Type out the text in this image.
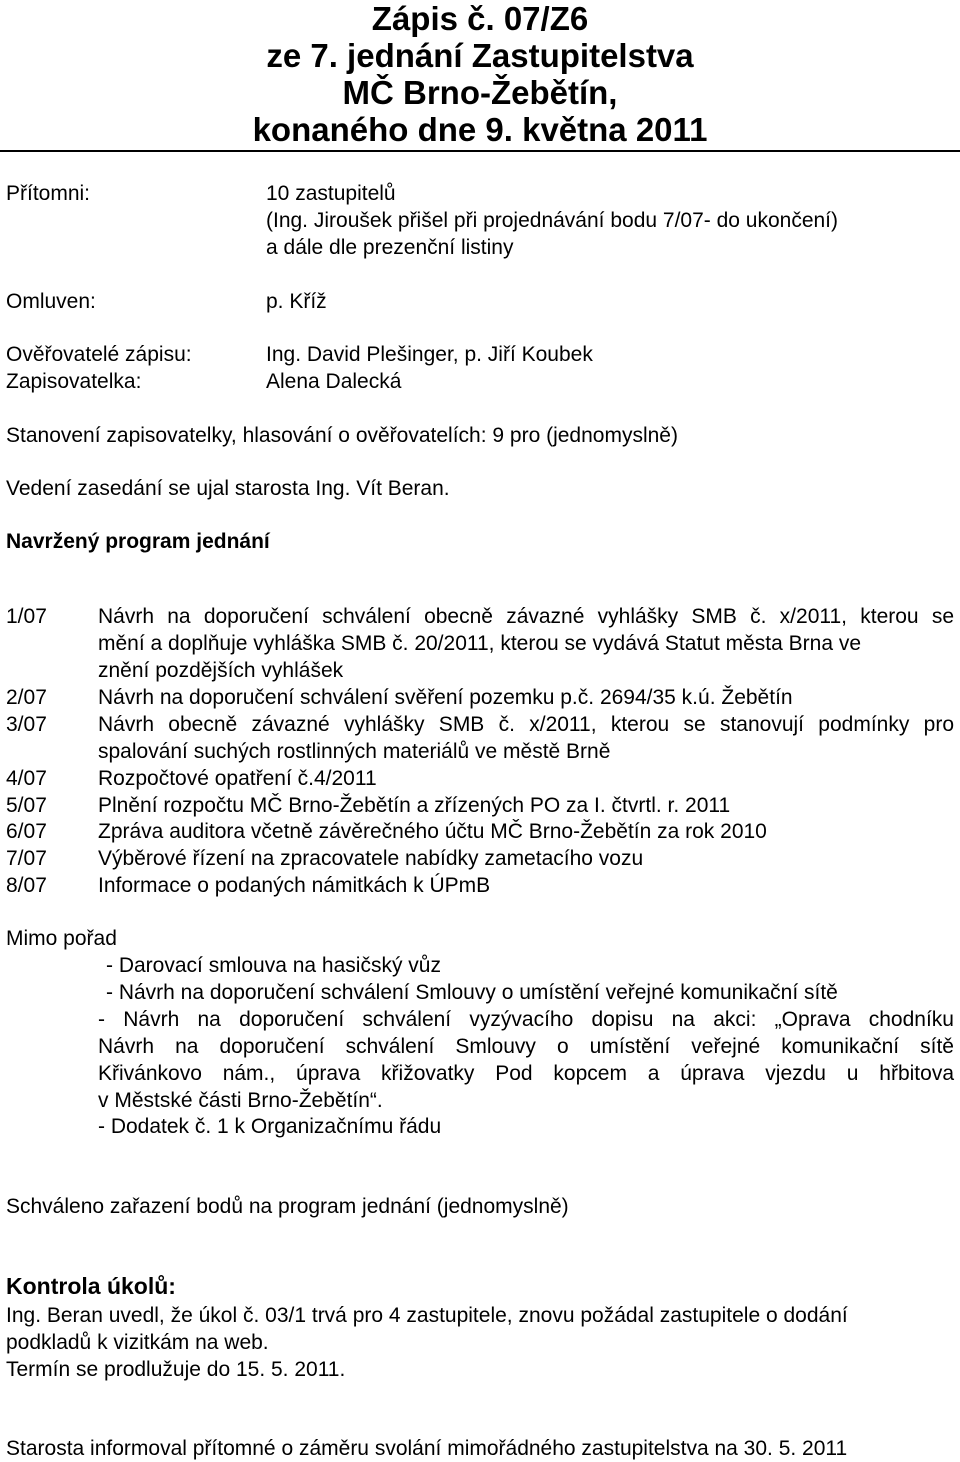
Zápis č. 07/Z6
ze 7. jednání Zastupitelstva
MČ Brno-Žebětín,
konaného dne 9. května 2011
Přítomni:	10 zastupitelů
(Ing. Jiroušek přišel při projednávání bodu 7/07- do ukončení)
a dále dle prezenční listiny
Omluven:	p. Kříž
Ověřovatelé zápisu:	Ing. David Plešinger, p. Jiří Koubek
Zapisovatelka:	Alena Dalecká
Stanovení zapisovatelky, hlasování o ověřovatelích: 9 pro (jednomyslně)
Vedení zasedání se ujal starosta Ing. Vít Beran.
Navržený program jednání
1/07 Návrh na doporučení schválení obecně závazné vyhlášky SMB č. x/2011, kterou se
mění a doplňuje vyhláška SMB č. 20/2011, kterou se vydává Statut města Brna ve
znění pozdějších vyhlášek
2/07 Návrh na doporučení schválení svěření pozemku p.č. 2694/35 k.ú. Žebětín
3/07 Návrh obecně závazné vyhlášky SMB č. x/2011, kterou se stanovují podmínky pro
spalování suchých rostlinných materiálů ve městě Brně
4/07 Rozpočtové opatření č.4/2011
5/07 Plnění rozpočtu MČ Brno-Žebětín a zřízených PO za I. čtvrtl. r. 2011
6/07 Zpráva auditora včetně závěrečného účtu MČ Brno-Žebětín za rok 2010
7/07 Výběrové řízení na zpracovatele nabídky zametacího vozu
8/07 Informace o podaných námitkách k ÚPmB
Mimo pořad
- Darovací smlouva na hasičský vůz
- Návrh na doporučení schválení Smlouvy o umístění veřejné komunikační sítě
- Návrh na doporučení schválení vyzývacího dopisu na akci: „Oprava chodníku
Návrh na doporučení schválení Smlouvy o umístění veřejné komunikační sítě
Křivánkovo nám., úprava křižovatky Pod kopcem a úprava vjezdu u hřbitova
v Městské části Brno-Žebětín“.
- Dodatek č. 1 k Organizačnímu řádu
Schváleno zařazení bodů na program jednání (jednomyslně)
Kontrola úkolů:
Ing. Beran uvedl, že úkol č. 03/1 trvá pro 4 zastupitele, znovu požádal zastupitele o dodání
podkladů k vizitkám na web.
Termín se prodlužuje do 15. 5. 2011.
Starosta informoval přítomné o záměru svolání mimořádného zastupitelstva na 30. 5. 2011
